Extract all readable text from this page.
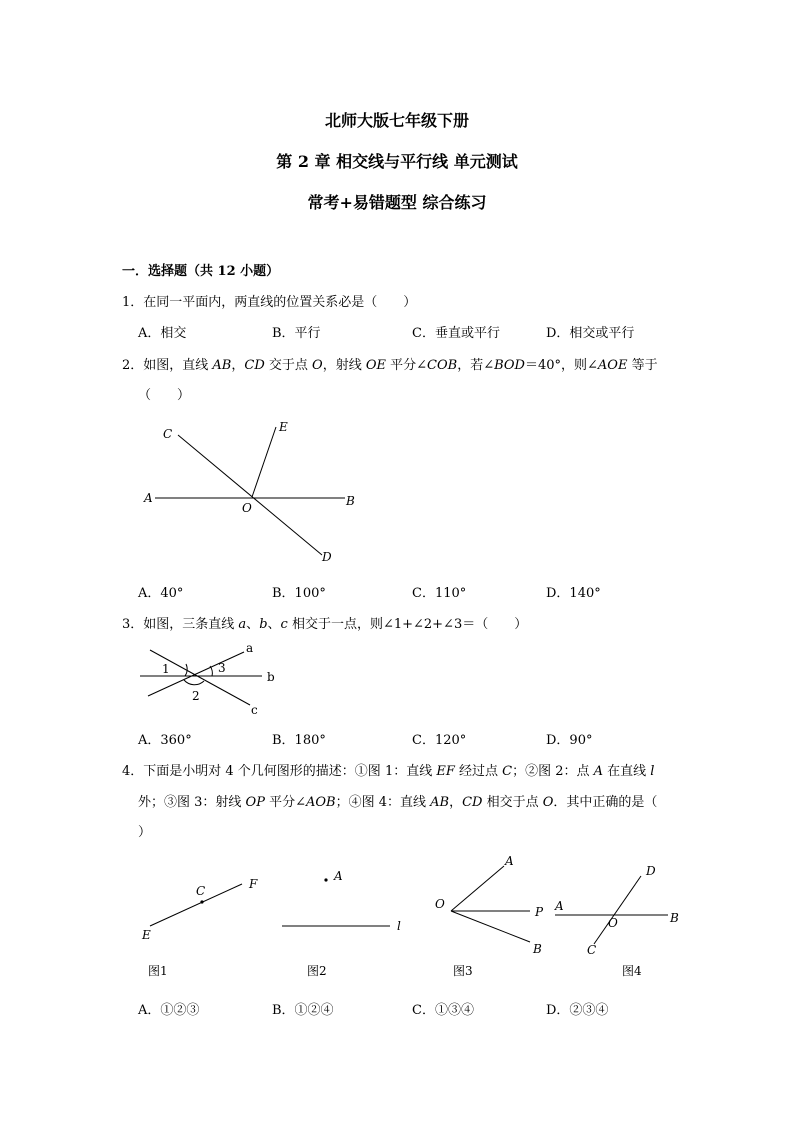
北师大版七年级下册
第 2 章 相交线与平行线 单元测试
常考+易错题型 综合练习
一．选择题（共 12 小题）
1．在同一平面内，两直线的位置关系必是（　　）
A．相交	B．平行	C．垂直或平行	D．相交或平行
2．如图，直线 AB，CD 交于点 O，射线 OE 平分∠COB，若∠BOD＝40°，则∠AOE 等于
（　　）
C	E
A
O	B
D
A．40°	B．100°	C．110°	D．140°
3．如图，三条直线 a、b、c 相交于一点，则∠1+∠2+∠3＝（　　）
1
2
3
a
b
c
A．360°	B．180°	C．120°	D．90°
4．下面是小明对 4 个几何图形的描述：①图 1：直线 EF 经过点 C；②图 2：点 A 在直线 l
外；③图 3：射线 OP 平分∠AOB；④图 4：直线 AB，CD 相交于点 O．其中正确的是（
）
C	F
E
A
l
A
O
P
B
D
A
O	B
C
图1	图2	图3	图4
A．①②③	B．①②④	C．①③④	D．②③④
